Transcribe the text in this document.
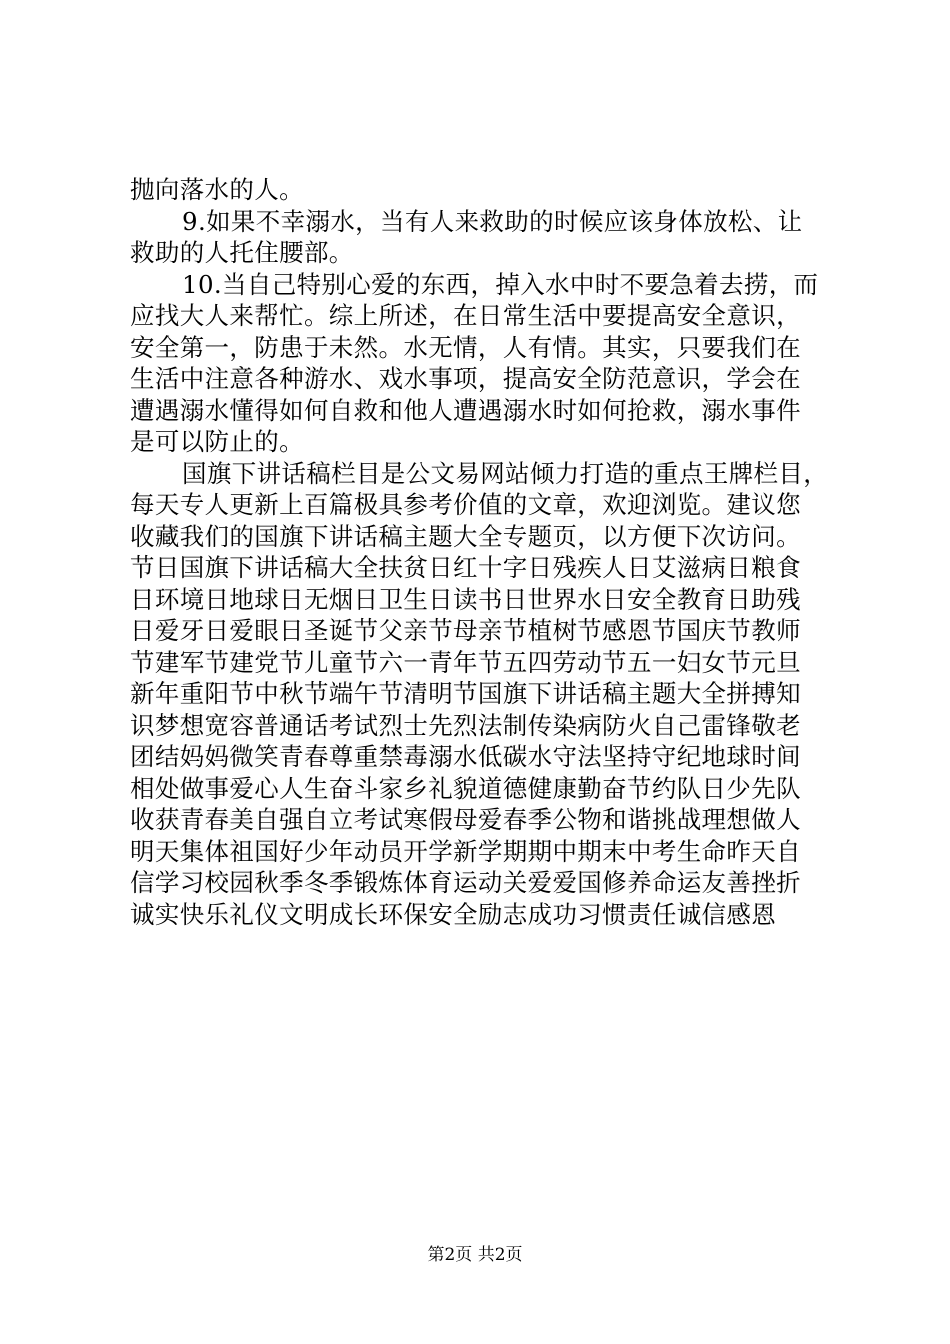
抛向落水的人。
9.如果不幸溺水，当有人来救助的时候应该身体放松、让
救助的人托住腰部。
10.当自己特别心爱的东西，掉入水中时不要急着去捞，而
应找大人来帮忙。综上所述，在日常生活中要提高安全意识，
安全第一，防患于未然。水无情，人有情。其实，只要我们在
生活中注意各种游水、戏水事项，提高安全防范意识，学会在
遭遇溺水懂得如何自救和他人遭遇溺水时如何抢救，溺水事件
是可以防止的。
国旗下讲话稿栏目是公文易网站倾力打造的重点王牌栏目，
每天专人更新上百篇极具参考价值的文章，欢迎浏览。建议您
收藏我们的国旗下讲话稿主题大全专题页，以方便下次访问。
节日国旗下讲话稿大全扶贫日红十字日残疾人日艾滋病日粮食
日环境日地球日无烟日卫生日读书日世界水日安全教育日助残
日爱牙日爱眼日圣诞节父亲节母亲节植树节感恩节国庆节教师
节建军节建党节儿童节六一青年节五四劳动节五一妇女节元旦
新年重阳节中秋节端午节清明节国旗下讲话稿主题大全拼搏知
识梦想宽容普通话考试烈士先烈法制传染病防火自己雷锋敬老
团结妈妈微笑青春尊重禁毒溺水低碳水守法坚持守纪地球时间
相处做事爱心人生奋斗家乡礼貌道德健康勤奋节约队日少先队
收获青春美自强自立考试寒假母爱春季公物和谐挑战理想做人
明天集体祖国好少年动员开学新学期期中期末中考生命昨天自
信学习校园秋季冬季锻炼体育运动关爱爱国修养命运友善挫折
诚实快乐礼仪文明成长环保安全励志成功习惯责任诚信感恩
第2页 共2页
